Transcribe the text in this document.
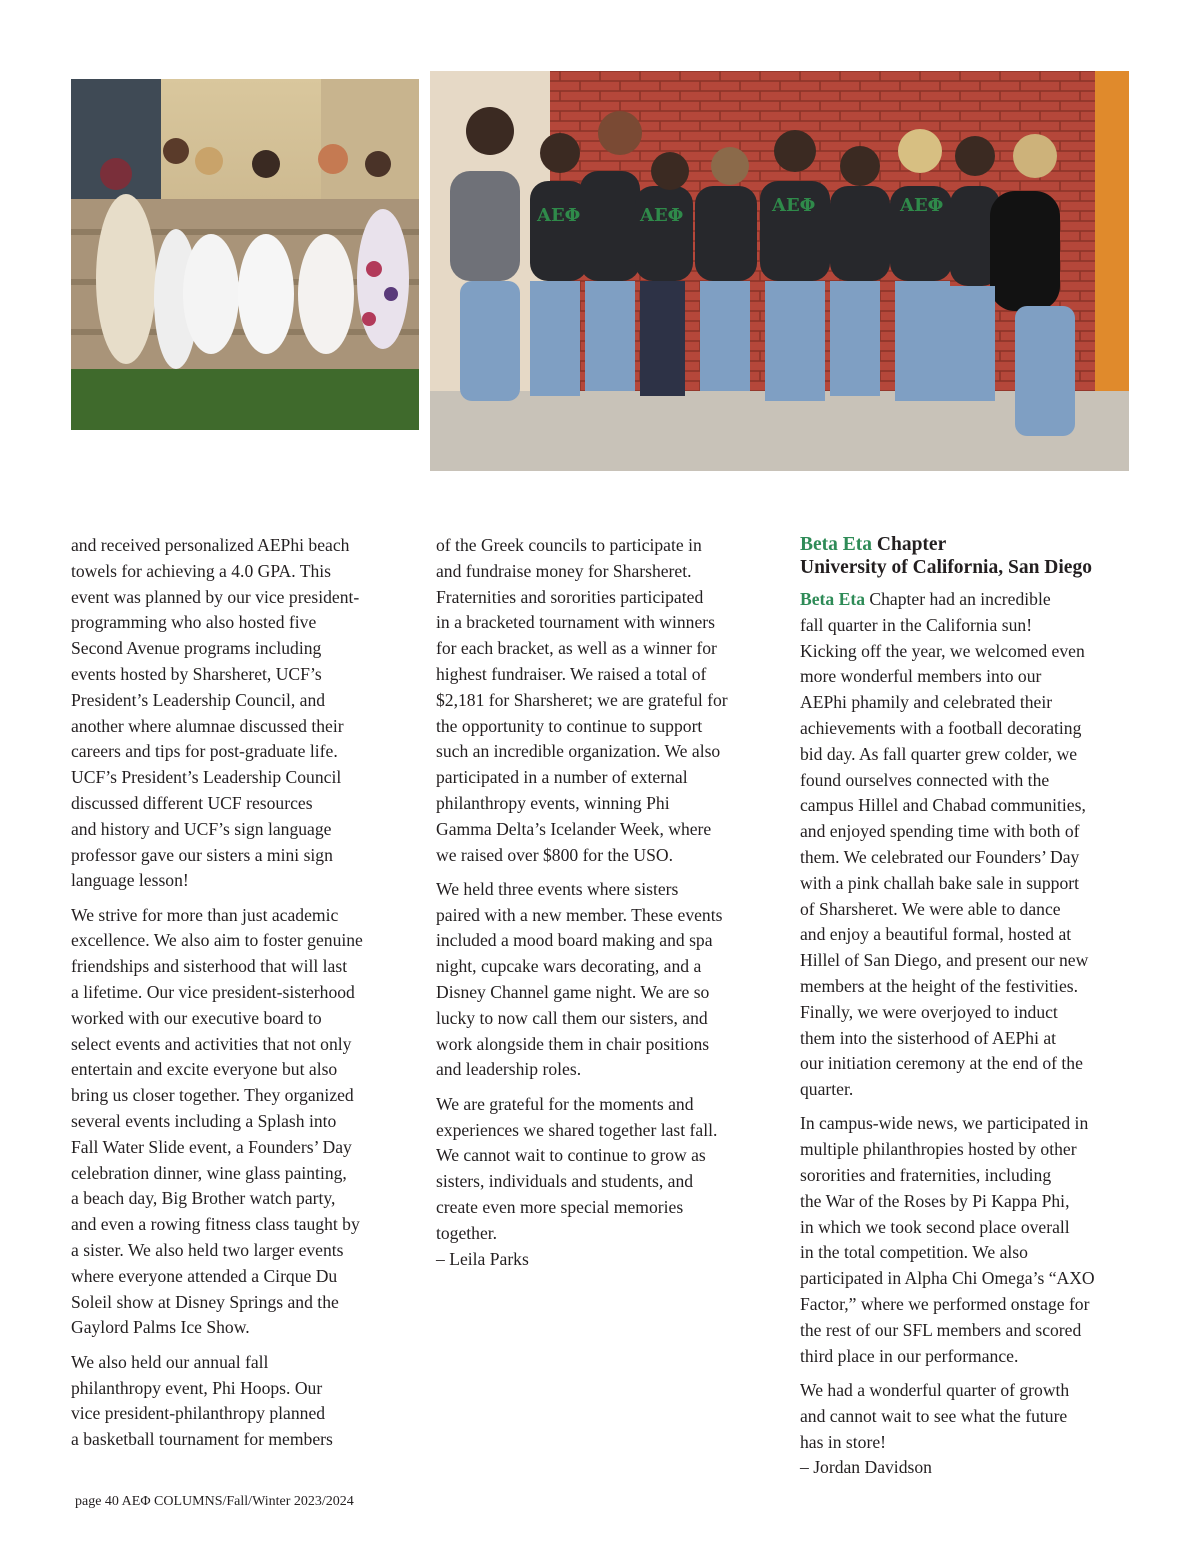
ΑΕΦ	ΑΕΦ	ΑΕΦ	ΑΕΦ

and received personalized AEPhi beach
towels for achieving a 4.0 GPA. This
event was planned by our vice president-
programming who also hosted five
Second Avenue programs including
events hosted by Sharsheret, UCF’s
President’s Leadership Council, and
another where alumnae discussed their
careers and tips for post-graduate life.
UCF’s President’s Leadership Council
discussed different UCF resources
and history and UCF’s sign language
professor gave our sisters a mini sign
language lesson!

We strive for more than just academic
excellence. We also aim to foster genuine
friendships and sisterhood that will last
a lifetime. Our vice president-sisterhood
worked with our executive board to
select events and activities that not only
entertain and excite everyone but also
bring us closer together. They organized
several events including a Splash into
Fall Water Slide event, a Founders’ Day
celebration dinner, wine glass painting,
a beach day, Big Brother watch party,
and even a rowing fitness class taught by
a sister. We also held two larger events
where everyone attended a Cirque Du
Soleil show at Disney Springs and the
Gaylord Palms Ice Show.

We also held our annual fall
philanthropy event, Phi Hoops. Our
vice president-philanthropy planned
a basketball tournament for members

of the Greek councils to participate in
and fundraise money for Sharsheret.
Fraternities and sororities participated
in a bracketed tournament with winners
for each bracket, as well as a winner for
highest fundraiser. We raised a total of
$2,181 for Sharsheret; we are grateful for
the opportunity to continue to support
such an incredible organization. We also
participated in a number of external
philanthropy events, winning Phi
Gamma Delta’s Icelander Week, where
we raised over $800 for the USO.

We held three events where sisters
paired with a new member. These events
included a mood board making and spa
night, cupcake wars decorating, and a
Disney Channel game night. We are so
lucky to now call them our sisters, and
work alongside them in chair positions
and leadership roles.

We are grateful for the moments and
experiences we shared together last fall.
We cannot wait to continue to grow as
sisters, individuals and students, and
create even more special memories
together.
– Leila Parks

Beta Eta Chapter
University of California, San Diego

Beta Eta Chapter had an incredible
fall quarter in the California sun!
Kicking off the year, we welcomed even
more wonderful members into our
AEPhi phamily and celebrated their
achievements with a football decorating
bid day. As fall quarter grew colder, we
found ourselves connected with the
campus Hillel and Chabad communities,
and enjoyed spending time with both of
them. We celebrated our Founders’ Day
with a pink challah bake sale in support
of Sharsheret. We were able to dance
and enjoy a beautiful formal, hosted at
Hillel of San Diego, and present our new
members at the height of the festivities.
Finally, we were overjoyed to induct
them into the sisterhood of AEPhi at
our initiation ceremony at the end of the
quarter.

In campus-wide news, we participated in
multiple philanthropies hosted by other
sororities and fraternities, including
the War of the Roses by Pi Kappa Phi,
in which we took second place overall
in the total competition. We also
participated in Alpha Chi Omega’s “AXO
Factor,” where we performed onstage for
the rest of our SFL members and scored
third place in our performance.

We had a wonderful quarter of growth
and cannot wait to see what the future
has in store!
– Jordan Davidson

page 40 AEΦ COLUMNS/Fall/Winter 2023/2024
